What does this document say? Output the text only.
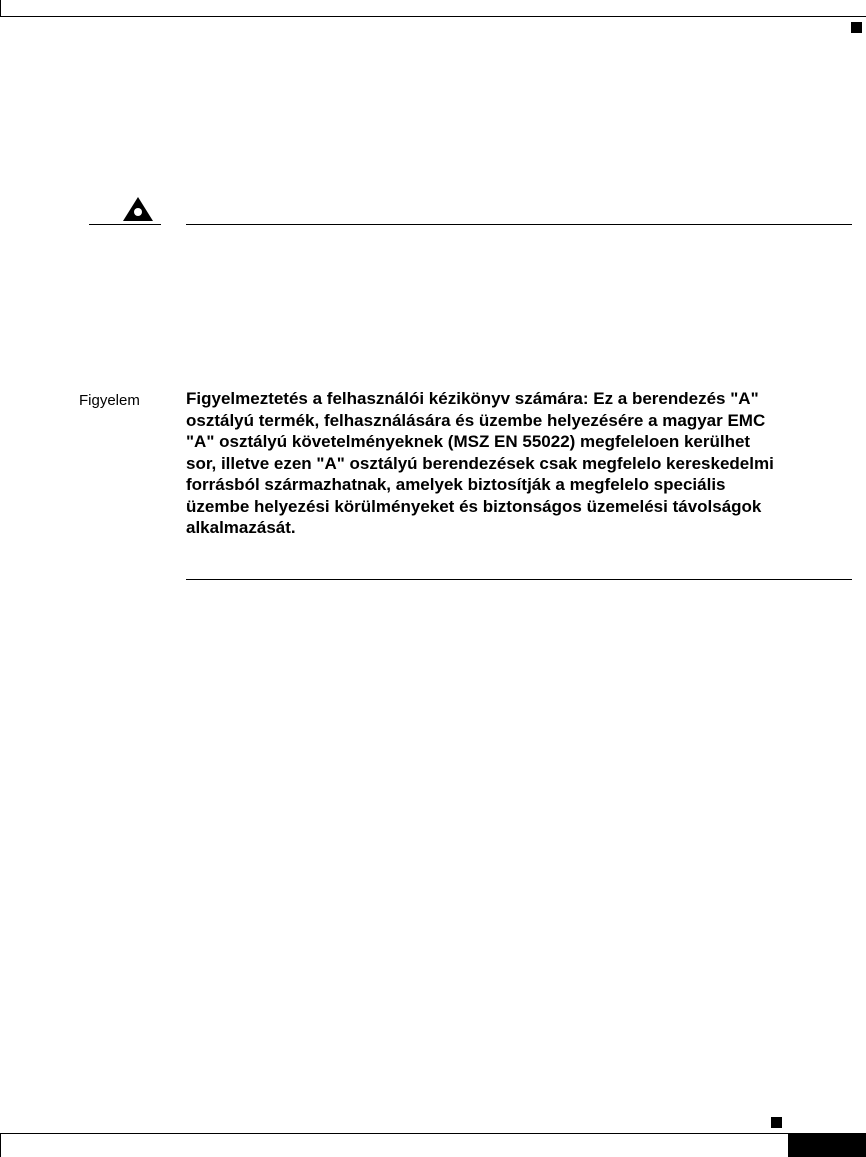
Figyelem	Figyelmeztetés a felhasználói kézikönyv számára: Ez a berendezés "A"
osztályú termék, felhasználására és üzembe helyezésére a magyar EMC
"A" osztályú követelményeknek (MSZ EN 55022) megfeleloen kerülhet
sor, illetve ezen "A" osztályú berendezések csak megfelelo kereskedelmi
forrásból származhatnak, amelyek biztosítják a megfelelo speciális
üzembe helyezési körülményeket és biztonságos üzemelési távolságok
alkalmazását.
